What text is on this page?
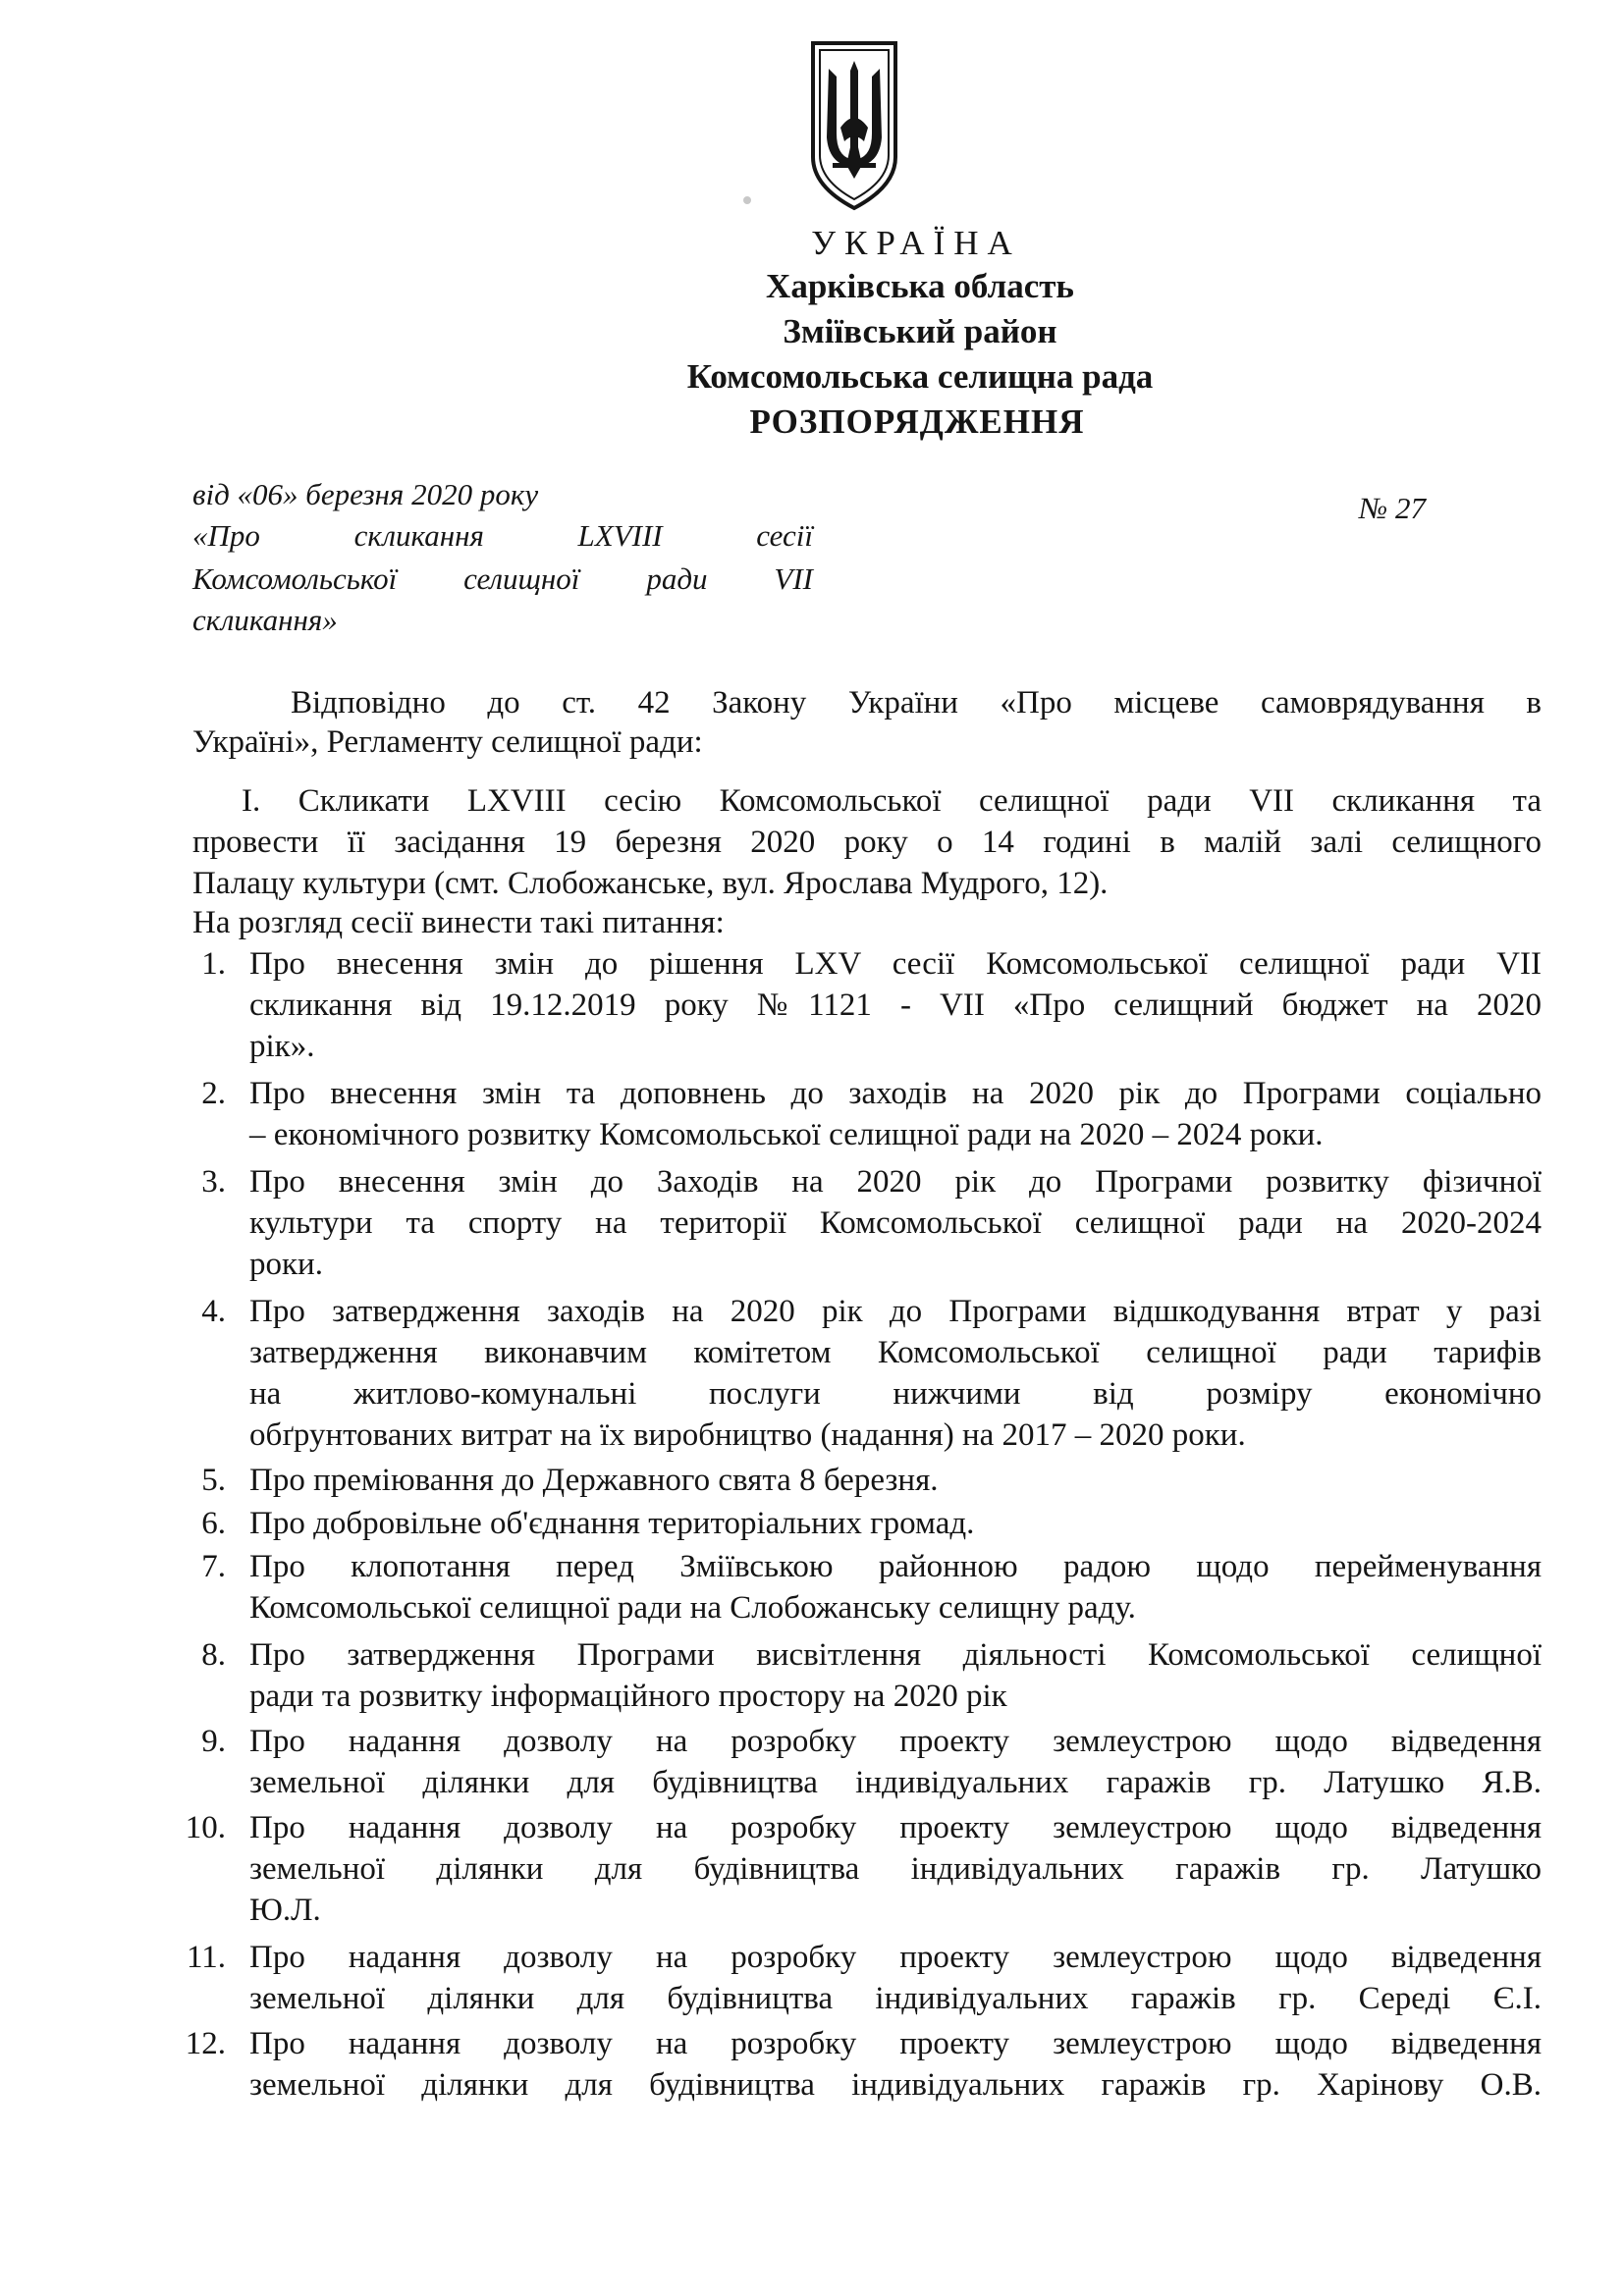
УКРАЇНА
Харківська область
Зміївський район
Комсомольська селищна рада
РОЗПОРЯДЖЕННЯ
від «06» березня 2020 року	№ 27
«Про скликання LXVIII сесії
Комсомольської селищної ради VII
скликання»
Відповідно до ст. 42 Закону України «Про місцеве самоврядування в
Україні», Регламенту селищної ради:
І. Скликати LXVIII сесію Комсомольської селищної ради VII скликання та
провести її засідання 19 березня 2020 року о 14 годині в малій залі селищного
Палацу культури (смт. Слобожанське, вул. Ярослава Мудрого, 12).
На розгляд сесії винести такі питання:
1. Про внесення змін до рішення LXV сесії Комсомольської селищної ради VII
скликання від 19.12.2019 року №1121 - VII «Про селищний бюджет на 2020
рік».
2. Про внесення змін та доповнень до заходів на 2020 рік до Програми соціально
– економічного розвитку Комсомольської селищної ради на 2020 – 2024 роки.
3. Про внесення змін до Заходів на 2020 рік до Програми розвитку фізичної
культури та спорту на території Комсомольської селищної ради на 2020-2024
роки.
4. Про затвердження заходів на 2020 рік до Програми відшкодування втрат у разі
затвердження виконавчим комітетом Комсомольської селищної ради тарифів
на житлово-комунальні послуги нижчими від розміру економічно
обґрунтованих витрат на їх виробництво (надання) на 2017 – 2020 роки.
5. Про преміювання до Державного свята 8 березня.
6. Про добровільне об'єднання територіальних громад.
7. Про клопотання перед Зміївською районною радою щодо перейменування
Комсомольської селищної ради на Слобожанську селищну раду.
8. Про затвердження Програми висвітлення діяльності Комсомольської селищної
ради та розвитку інформаційного простору на 2020 рік
9. Про надання дозволу на розробку проекту землеустрою щодо відведення
земельної ділянки для будівництва індивідуальних гаражів гр. Латушко Я.В.
10. Про надання дозволу на розробку проекту землеустрою щодо відведення
земельної ділянки для будівництва індивідуальних гаражів гр. Латушко
Ю.Л.
11. Про надання дозволу на розробку проекту землеустрою щодо відведення
земельної ділянки для будівництва індивідуальних гаражів гр. Середі Є.І.
12. Про надання дозволу на розробку проекту землеустрою щодо відведення
земельної ділянки для будівництва індивідуальних гаражів гр. Харінову О.В.
